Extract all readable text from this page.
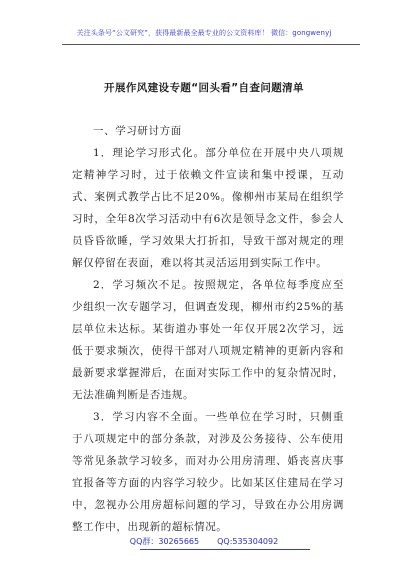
关注头条号“公文研究”，获得最新最全最专业的公文资料库！ 微信：gongwenyj
开展作风建设专题“回头看”自查问题清单

一、学习研讨方面

1．理论学习形式化。部分单位在开展中央八项规定精神学习时，过于依赖文件宣读和集中授课，互动式、案例式教学占比不足20%。像柳州市某局在组织学习时，全年8次学习活动中有6次是领导念文件，参会人员昏昏欲睡，学习效果大打折扣，导致干部对规定的理解仅停留在表面，难以将其灵活运用到实际工作中。

2．学习频次不足。按照规定，各单位每季度应至少组织一次专题学习，但调查发现，柳州市约25%的基层单位未达标。某街道办事处一年仅开展2次学习，远低于要求频次，使得干部对八项规定精神的更新内容和最新要求掌握滞后，在面对实际工作中的复杂情况时，无法准确判断是否违规。

3．学习内容不全面。一些单位在学习时，只侧重于八项规定中的部分条款，对涉及公务接待、公车使用等常见条款学习较多，而对办公用房清理、婚丧喜庆事宜报备等方面的内容学习较少。比如某区住建局在学习中，忽视办公用房超标问题的学习，导致在办公用房调整工作中，出现新的超标情况。

QQ群：30265665 QQ:535304092
